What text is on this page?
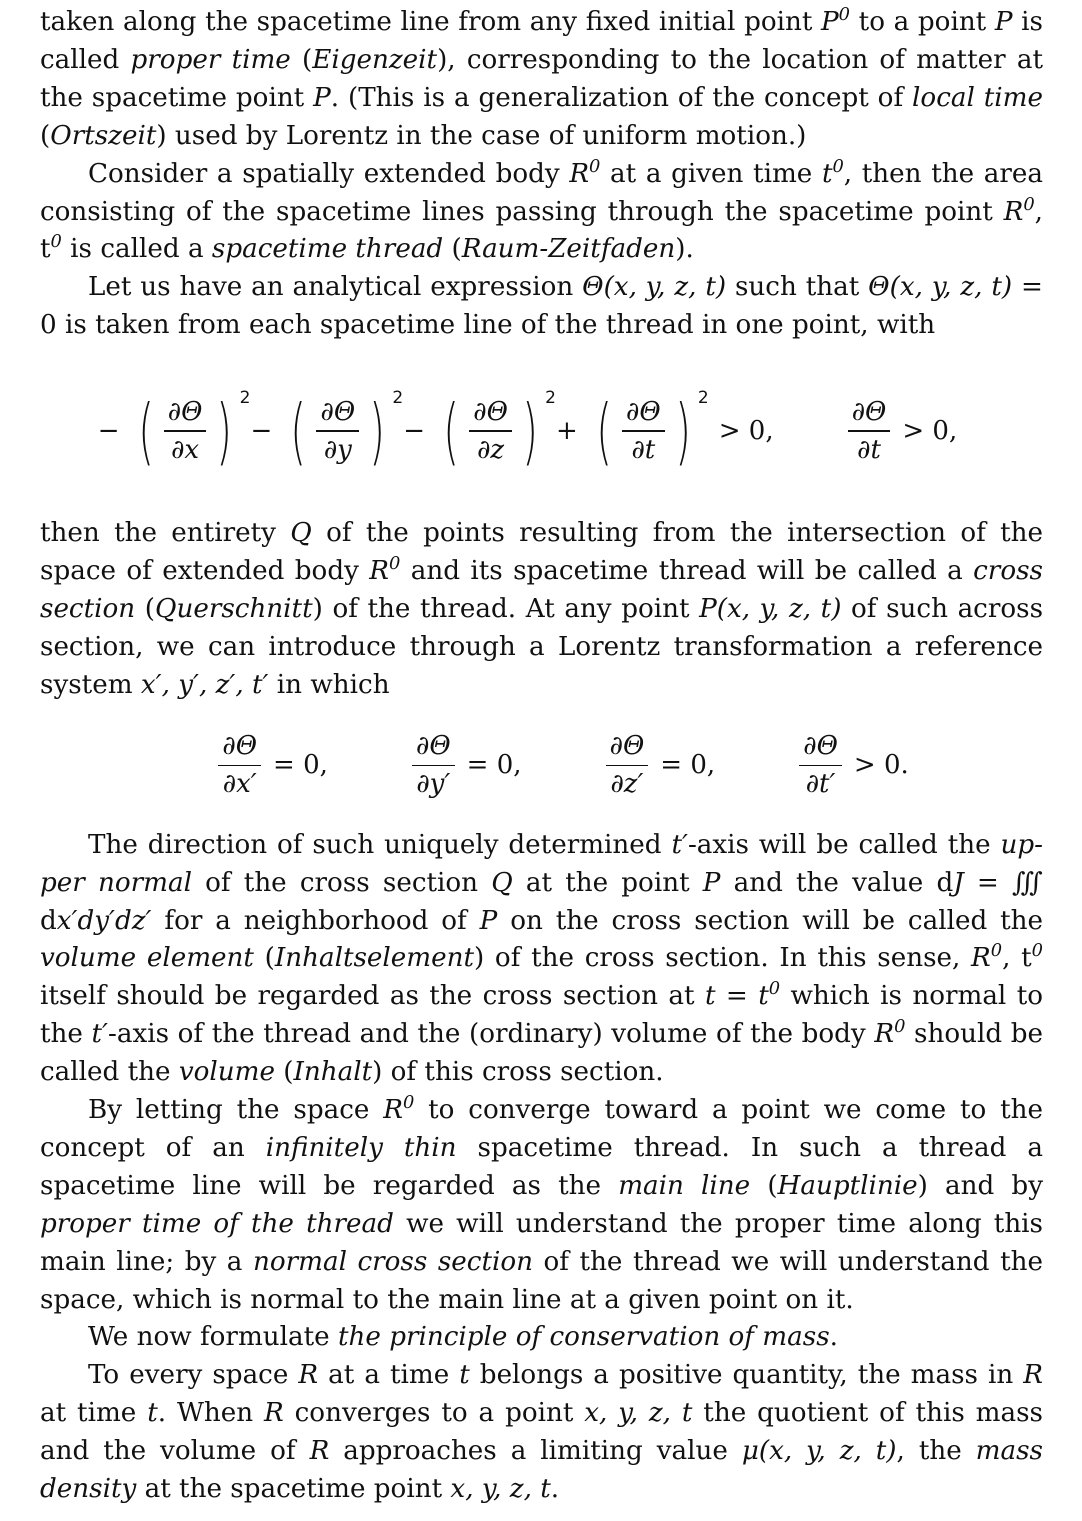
taken along the spacetime line from any fixed initial point $P^0$ to a point P is called proper time (Eigenzeit), corresponding to the location of matter at the spacetime point P. (This is a generalization of the concept of local time (Ortszeit) used by Lorentz in the case of uniform motion.)

Consider a spatially extended body $R^0$ at a given time $t^0$, then the area consisting of the spacetime lines passing through the spacetime point $R^0$, $t^0$ is called a spacetime thread (Raum-Zeitfaden).

Let us have an analytical expression Θ(x, y, z, t) such that Θ(x, y, z, t) = 0 is taken from each spacetime line of the thread in one point, with

− ( $\frac{\partial\Theta}{\partial x}$ ) 2
− ( $\frac{\partial\Theta}{\partial y}$ ) 2
− ( $\frac{\partial\Theta}{\partial z}$ ) 2
+ ( $\frac{\partial\Theta}{\partial t}$ ) 2
> 0,	$\frac{\partial\Theta}{\partial t} > 0$,

then the entirety Q of the points resulting from the intersection of the space of extended body $R^0$ and its spacetime thread will be called a cross section (Querschnitt) of the thread. At any point P(x, y, z, t) of such across section, we can introduce through a Lorentz transformation a reference system x′, y′, z′, t′ in which

$\frac{\partial\Theta}{\partial x'} = 0$,	$\frac{\partial\Theta}{\partial y'} = 0$,	$\frac{\partial\Theta}{\partial z'} = 0$,	$\frac{\partial\Theta}{\partial t'} > 0$.

The direction of such uniquely determined t′-axis will be called the upper normal of the cross section Q at the point P and the value dJ = ∭ dx′dy′dz′ for a neighborhood of P on the cross section will be called the volume element (Inhaltselement) of the cross section. In this sense, $R^0$, $t^0$ itself should be regarded as the cross section at $t = t^0$ which is normal to the t′-axis of the thread and the (ordinary) volume of the body $R^0$ should be called the volume (Inhalt) of this cross section.

By letting the space $R^0$ to converge toward a point we come to the concept of an infinitely thin spacetime thread. In such a thread a spacetime line will be regarded as the main line (Hauptlinie) and by proper time of the thread we will understand the proper time along this main line; by a normal cross section of the thread we will understand the space, which is normal to the main line at a given point on it.

We now formulate the principle of conservation of mass.

To every space R at a time t belongs a positive quantity, the mass in R at time t. When R converges to a point x, y, z, t the quotient of this mass and the volume of R approaches a limiting value μ(x, y, z, t), the mass density at the spacetime point x, y, z, t.
